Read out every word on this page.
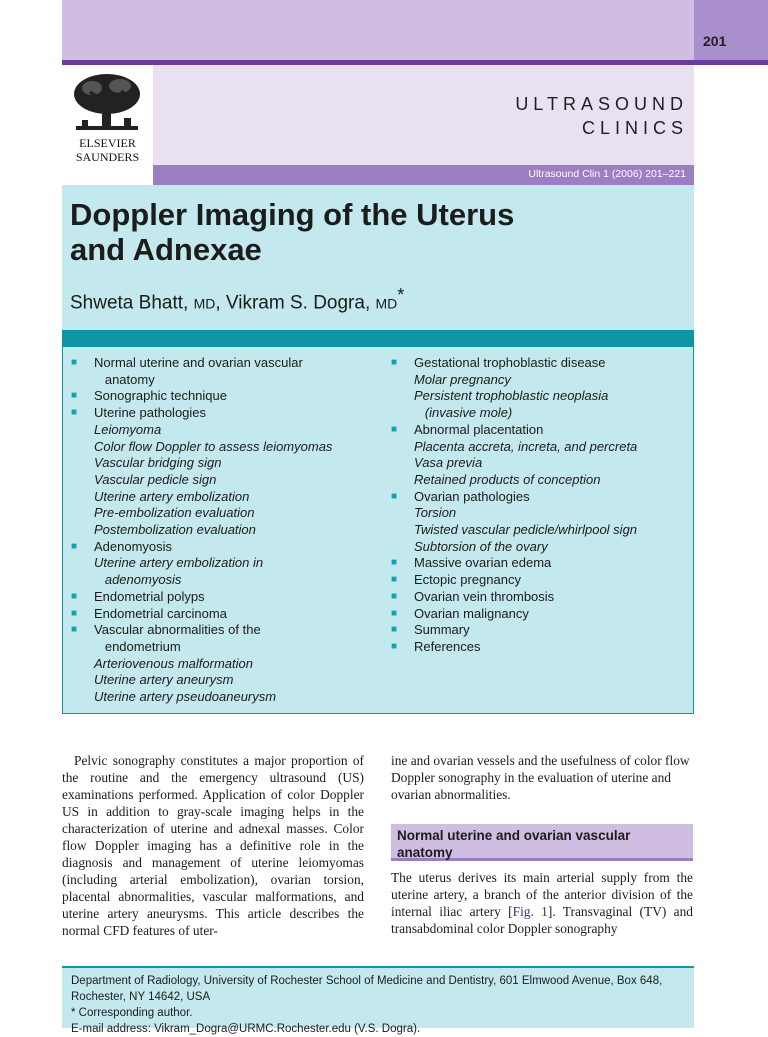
201
ELSEVIER
SAUNDERS
ULTRASOUND
CLINICS
Ultrasound Clin 1 (2006) 201–221
Doppler Imaging of the Uterus
and Adnexae
Shweta Bhatt, MD, Vikram S. Dogra, MD*
■ Normal uterine and ovarian vascular
anatomy
■ Sonographic technique
■ Uterine pathologies
Leiomyoma
Color flow Doppler to assess leiomyomas
Vascular bridging sign
Vascular pedicle sign
Uterine artery embolization
Pre-embolization evaluation
Postembolization evaluation
■ Adenomyosis
Uterine artery embolization in
adenomyosis
■ Endometrial polyps
■ Endometrial carcinoma
■ Vascular abnormalities of the
endometrium
Arteriovenous malformation
Uterine artery aneurysm
Uterine artery pseudoaneurysm
■ Gestational trophoblastic disease
Molar pregnancy
Persistent trophoblastic neoplasia
(invasive mole)
■ Abnormal placentation
Placenta accreta, increta, and percreta
Vasa previa
Retained products of conception
■ Ovarian pathologies
Torsion
Twisted vascular pedicle/whirlpool sign
Subtorsion of the ovary
■ Massive ovarian edema
■ Ectopic pregnancy
■ Ovarian vein thrombosis
■ Ovarian malignancy
■ Summary
■ References
Pelvic sonography constitutes a major proportion of the routine and the emergency ultrasound (US) examinations performed. Application of color Doppler US in addition to gray-scale imaging helps in the characterization of uterine and adnexal masses. Color flow Doppler imaging has a definitive role in the diagnosis and management of uterine leiomyomas (including arterial embolization), ovarian torsion, placental abnormalities, vascular malformations, and uterine artery aneurysms. This article describes the normal CFD features of uter-
ine and ovarian vessels and the usefulness of color flow Doppler sonography in the evaluation of uterine and ovarian abnormalities.
Normal uterine and ovarian vascular anatomy
The uterus derives its main arterial supply from the uterine artery, a branch of the anterior division of the internal iliac artery [Fig. 1]. Transvaginal (TV) and transabdominal color Doppler sonography
Department of Radiology, University of Rochester School of Medicine and Dentistry, 601 Elmwood Avenue, Box 648, Rochester, NY 14642, USA
* Corresponding author.
E-mail address: Vikram_Dogra@URMC.Rochester.edu (V.S. Dogra).
